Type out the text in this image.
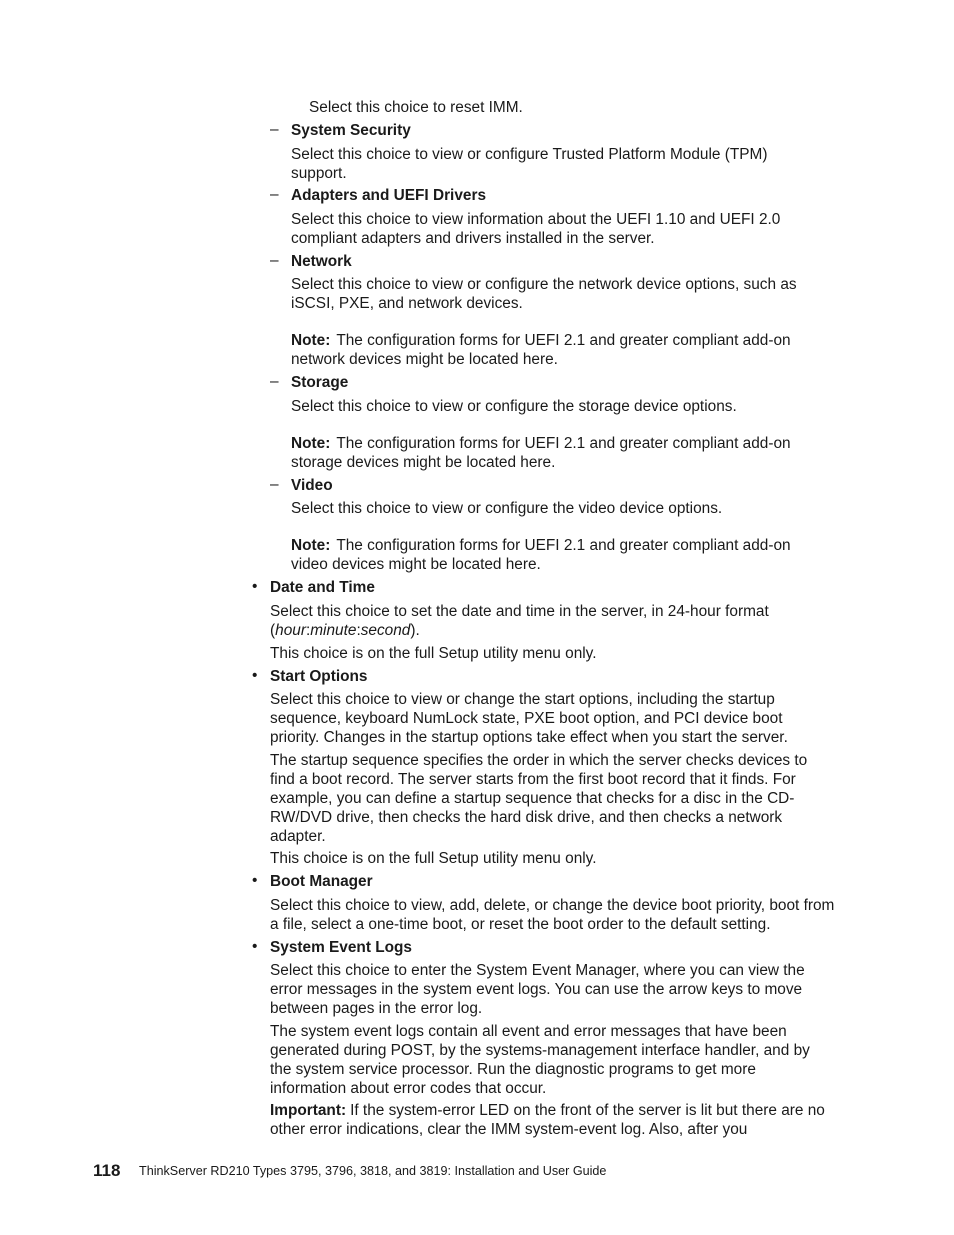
Select this choice to reset IMM.

– System Security

Select this choice to view or configure Trusted Platform Module (TPM) support.

– Adapters and UEFI Drivers

Select this choice to view information about the UEFI 1.10 and UEFI 2.0 compliant adapters and drivers installed in the server.

– Network

Select this choice to view or configure the network device options, such as iSCSI, PXE, and network devices.

Note: The configuration forms for UEFI 2.1 and greater compliant add-on network devices might be located here.

– Storage

Select this choice to view or configure the storage device options.

Note: The configuration forms for UEFI 2.1 and greater compliant add-on storage devices might be located here.

– Video

Select this choice to view or configure the video device options.

Note: The configuration forms for UEFI 2.1 and greater compliant add-on video devices might be located here.

• Date and Time

Select this choice to set the date and time in the server, in 24-hour format (hour:minute:second).

This choice is on the full Setup utility menu only.

• Start Options

Select this choice to view or change the start options, including the startup sequence, keyboard NumLock state, PXE boot option, and PCI device boot priority. Changes in the startup options take effect when you start the server.

The startup sequence specifies the order in which the server checks devices to find a boot record. The server starts from the first boot record that it finds. For example, you can define a startup sequence that checks for a disc in the CD-RW/DVD drive, then checks the hard disk drive, and then checks a network adapter.

This choice is on the full Setup utility menu only.

• Boot Manager

Select this choice to view, add, delete, or change the device boot priority, boot from a file, select a one-time boot, or reset the boot order to the default setting.

• System Event Logs

Select this choice to enter the System Event Manager, where you can view the error messages in the system event logs. You can use the arrow keys to move between pages in the error log.

The system event logs contain all event and error messages that have been generated during POST, by the systems-management interface handler, and by the system service processor. Run the diagnostic programs to get more information about error codes that occur.

Important: If the system-error LED on the front of the server is lit but there are no other error indications, clear the IMM system-event log. Also, after you

118 ThinkServer RD210 Types 3795, 3796, 3818, and 3819: Installation and User Guide
